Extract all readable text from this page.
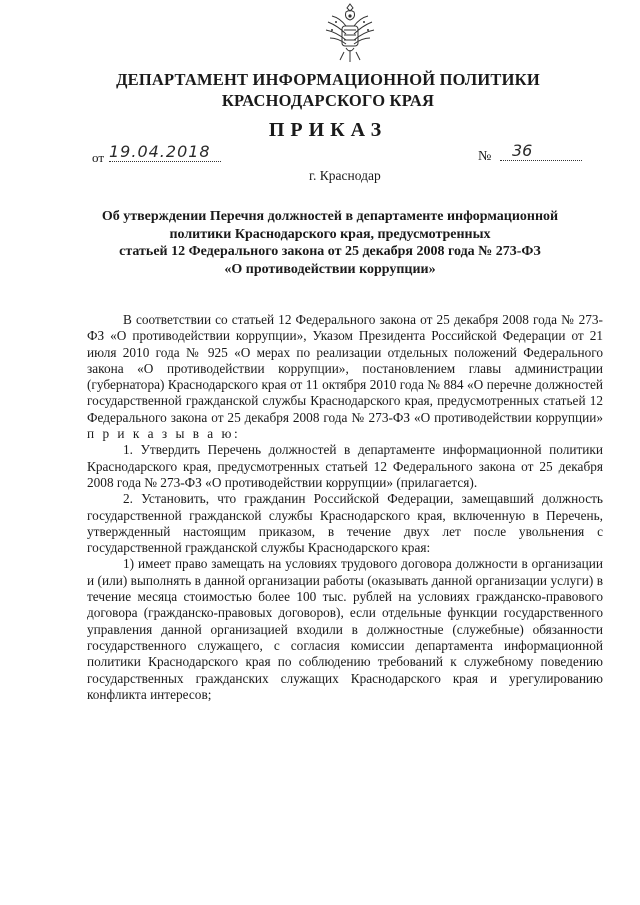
ДЕПАРТАМЕНТ ИНФОРМАЦИОННОЙ ПОЛИТИКИ
КРАСНОДАРСКОГО КРАЯ
ПРИКАЗ
от 19.04.2018	№	36
г. Краснодар
Об утверждении Перечня должностей в департаменте информационной
политики Краснодарского края, предусмотренных
статьей 12 Федерального закона от 25 декабря 2008 года № 273-ФЗ
«О противодействии коррупции»

В соответствии со статьей 12 Федерального закона от 25 декабря 2008 года № 273-ФЗ «О противодействии коррупции», Указом Президента Российской Федерации от 21 июля 2010 года № 925 «О мерах по реализации отдельных положений Федерального закона «О противодействии коррупции», постановлением главы администрации (губернатора) Краснодарского края от 11 октября 2010 года № 884 «О перечне должностей государственной гражданской службы Краснодарского края, предусмотренных статьей 12 Федерального закона от 25 декабря 2008 года № 273-ФЗ «О противодействии коррупции» п р и к а з ы в а ю:

1. Утвердить Перечень должностей в департаменте информационной политики Краснодарского края, предусмотренных статьей 12 Федерального закона от 25 декабря 2008 года № 273-ФЗ «О противодействии коррупции» (прилагается).

2. Установить, что гражданин Российской Федерации, замещавший должность государственной гражданской службы Краснодарского края, включенную в Перечень, утвержденный настоящим приказом, в течение двух лет после увольнения с государственной гражданской службы Краснодарского края:

1) имеет право замещать на условиях трудового договора должности в организации и (или) выполнять в данной организации работы (оказывать данной организации услуги) в течение месяца стоимостью более 100 тыс. рублей на условиях гражданско-правового договора (гражданско-правовых договоров), если отдельные функции государственного управления данной организацией входили в должностные (служебные) обязанности государственного служащего, с согласия комиссии департамента информационной политики Краснодарского края по соблюдению требований к служебному поведению государственных гражданских служащих Краснодарского края и урегулированию конфликта интересов;
